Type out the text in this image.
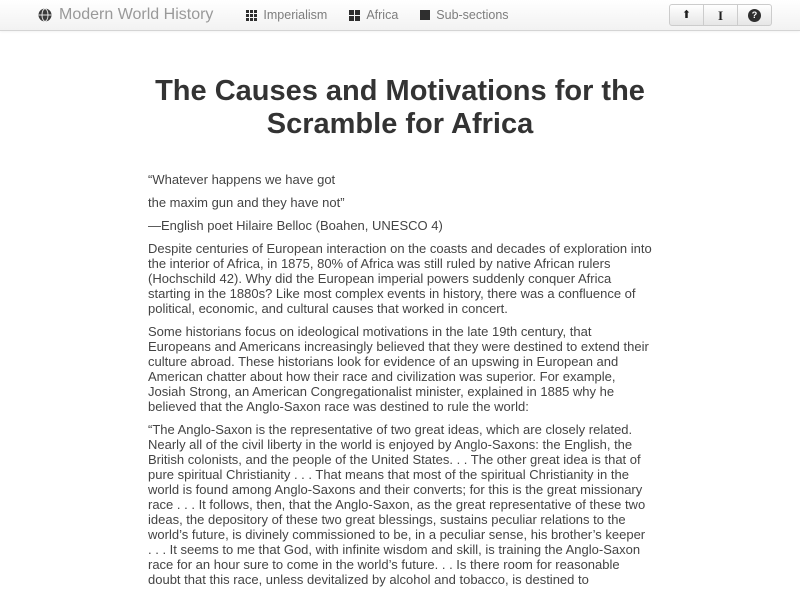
Modern World History	Imperialism	Africa	Sub-sections	⬆ I	?
The Causes and Motivations for the Scramble for Africa

“Whatever happens we have got

the maxim gun and they have not”

—English poet Hilaire Belloc (Boahen, UNESCO 4)

Despite centuries of European interaction on the coasts and decades of exploration into the interior of Africa, in 1875, 80% of Africa was still ruled by native African rulers (Hochschild 42). Why did the European imperial powers suddenly conquer Africa starting in the 1880s? Like most complex events in history, there was a confluence of political, economic, and cultural causes that worked in concert.

Some historians focus on ideological motivations in the late 19th century, that Europeans and Americans increasingly believed that they were destined to extend their culture abroad. These historians look for evidence of an upswing in European and American chatter about how their race and civilization was superior. For example, Josiah Strong, an American Congregationalist minister, explained in 1885 why he believed that the Anglo-Saxon race was destined to rule the world:

“The Anglo-Saxon is the representative of two great ideas, which are closely related. Nearly all of the civil liberty in the world is enjoyed by Anglo-Saxons: the English, the British colonists, and the people of the United States. . . The other great idea is that of pure spiritual Christianity . . . That means that most of the spiritual Christianity in the world is found among Anglo-Saxons and their converts; for this is the great missionary race . . . It follows, then, that the Anglo-Saxon, as the great representative of these two ideas, the depository of these two great blessings, sustains peculiar relations to the world’s future, is divinely commissioned to be, in a peculiar sense, his brother’s keeper . . . It seems to me that God, with infinite wisdom and skill, is training the Anglo-Saxon race for an hour sure to come in the world’s future. . . Is there room for reasonable doubt that this race, unless devitalized by alcohol and tobacco, is destined to
